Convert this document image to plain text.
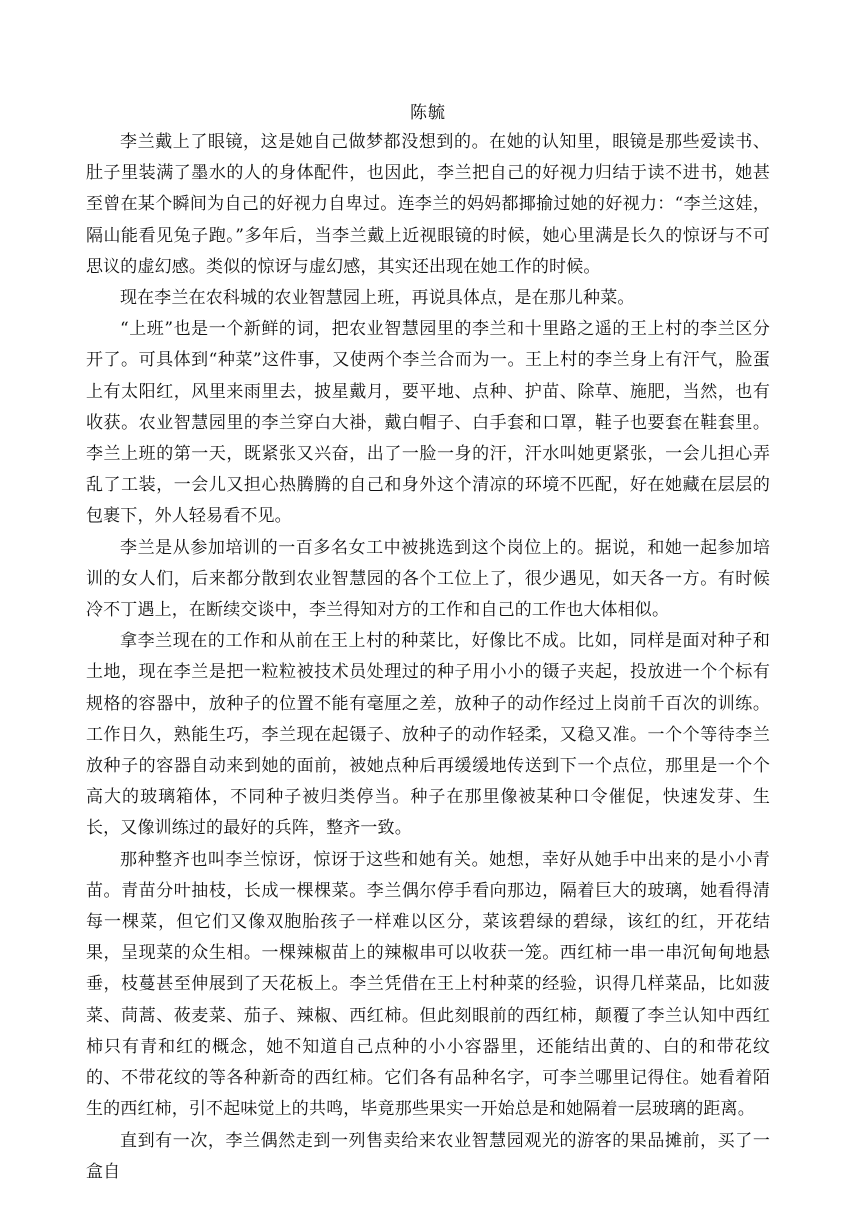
陈毓

李兰戴上了眼镜，这是她自己做梦都没想到的。在她的认知里，眼镜是那些爱读书、肚子里装满了墨水的人的身体配件，也因此，李兰把自己的好视力归结于读不进书，她甚至曾在某个瞬间为自己的好视力自卑过。连李兰的妈妈都揶揄过她的好视力：“李兰这娃，隔山能看见兔子跑。”多年后，当李兰戴上近视眼镜的时候，她心里满是长久的惊讶与不可思议的虚幻感。类似的惊讶与虚幻感，其实还出现在她工作的时候。

现在李兰在农科城的农业智慧园上班，再说具体点，是在那儿种菜。

“上班”也是一个新鲜的词，把农业智慧园里的李兰和十里路之遥的王上村的李兰区分开了。可具体到“种菜”这件事，又使两个李兰合而为一。王上村的李兰身上有汗气，脸蛋上有太阳红，风里来雨里去，披星戴月，要平地、点种、护苗、除草、施肥，当然，也有收获。农业智慧园里的李兰穿白大褂，戴白帽子、白手套和口罩，鞋子也要套在鞋套里。李兰上班的第一天，既紧张又兴奋，出了一脸一身的汗，汗水叫她更紧张，一会儿担心弄乱了工装，一会儿又担心热腾腾的自己和身外这个清凉的环境不匹配，好在她藏在层层的包裹下，外人轻易看不见。

李兰是从参加培训的一百多名女工中被挑选到这个岗位上的。据说，和她一起参加培训的女人们，后来都分散到农业智慧园的各个工位上了，很少遇见，如天各一方。有时候冷不丁遇上，在断续交谈中，李兰得知对方的工作和自己的工作也大体相似。

拿李兰现在的工作和从前在王上村的种菜比，好像比不成。比如，同样是面对种子和土地，现在李兰是把一粒粒被技术员处理过的种子用小小的镊子夹起，投放进一个个标有规格的容器中，放种子的位置不能有毫厘之差，放种子的动作经过上岗前千百次的训练。工作日久，熟能生巧，李兰现在起镊子、放种子的动作轻柔，又稳又准。一个个等待李兰放种子的容器自动来到她的面前，被她点种后再缓缓地传送到下一个点位，那里是一个个高大的玻璃箱体，不同种子被归类停当。种子在那里像被某种口令催促，快速发芽、生长，又像训练过的最好的兵阵，整齐一致。

那种整齐也叫李兰惊讶，惊讶于这些和她有关。她想，幸好从她手中出来的是小小青苗。青苗分叶抽枝，长成一棵棵菜。李兰偶尔停手看向那边，隔着巨大的玻璃，她看得清每一棵菜，但它们又像双胞胎孩子一样难以区分，菜该碧绿的碧绿，该红的红，开花结果，呈现菜的众生相。一棵辣椒苗上的辣椒串可以收获一笼。西红柿一串一串沉甸甸地悬垂，枝蔓甚至伸展到了天花板上。李兰凭借在王上村种菜的经验，识得几样菜品，比如菠菜、茼蒿、莜麦菜、茄子、辣椒、西红柿。但此刻眼前的西红柿，颠覆了李兰认知中西红柿只有青和红的概念，她不知道自己点种的小小容器里，还能结出黄的、白的和带花纹的、不带花纹的等各种新奇的西红柿。它们各有品种名字，可李兰哪里记得住。她看着陌生的西红柿，引不起味觉上的共鸣，毕竟那些果实一开始总是和她隔着一层玻璃的距离。

直到有一次，李兰偶然走到一列售卖给来农业智慧园观光的游客的果品摊前，买了一盒自
